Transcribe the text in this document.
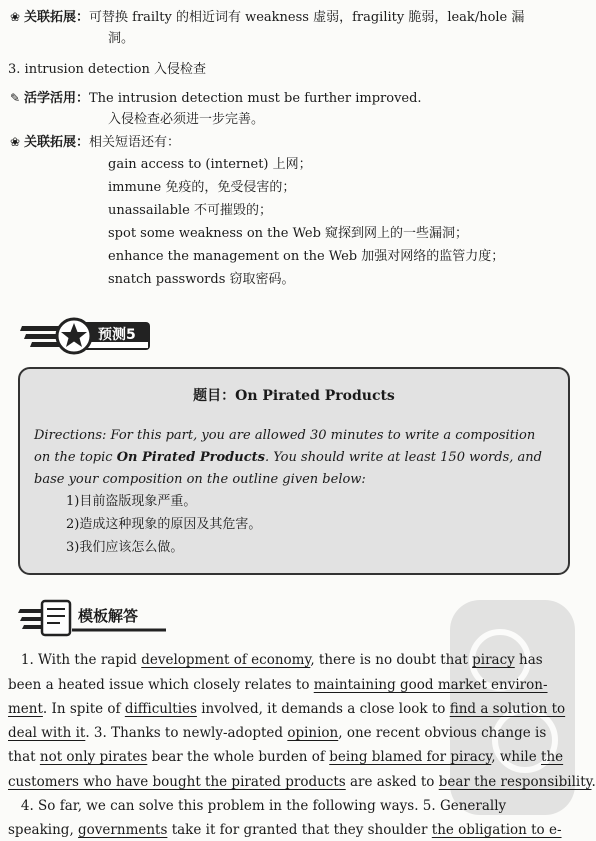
❀ 关联拓展：可替换 frailty 的相近词有 weakness 虚弱，fragility 脆弱，leak/hole 漏
洞。
3. intrusion detection 入侵检查
✎ 活学活用：The intrusion detection must be further improved.
入侵检查必须进一步完善。
❀ 关联拓展：相关短语还有：
gain access to (internet) 上网；
immune 免疫的，免受侵害的；
unassailable 不可摧毁的；
spot some weakness on the Web 窥探到网上的一些漏洞；
enhance the management on the Web 加强对网络的监管力度；
snatch passwords 窃取密码。
预测5
题目：On Pirated Products
Directions: For this part, you are allowed 30 minutes to write a composition
on the topic On Pirated Products. You should write at least 150 words, and
base your composition on the outline given below:
1)目前盗版现象严重。
2)造成这种现象的原因及其危害。
3)我们应该怎么做。
模板解答
1. With the rapid development of economy, there is no doubt that piracy has
been a heated issue which closely relates to maintaining good market environ-
ment. In spite of difficulties involved, it demands a close look to find a solution to
deal with it. 3. Thanks to newly-adopted opinion, one recent obvious change is
that not only pirates bear the whole burden of being blamed for piracy, while the
customers who have bought the pirated products are asked to bear the responsibility.
4. So far, we can solve this problem in the following ways. 5. Generally
speaking, governments take it for granted that they shoulder the obligation to e-
